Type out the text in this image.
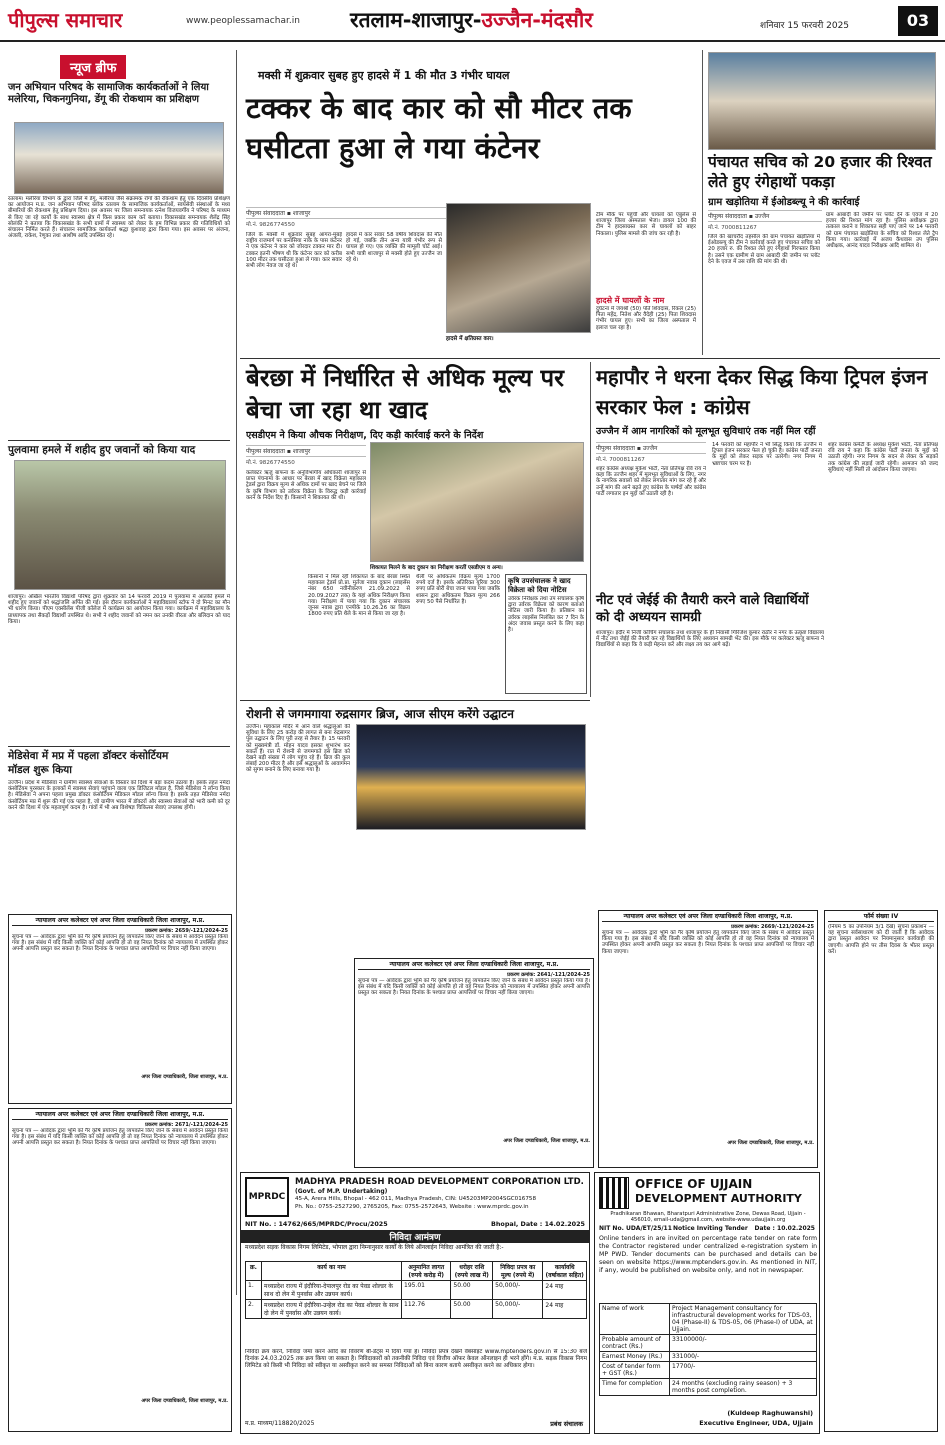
पीपुल्स समाचार	www.peoplessamachar.in रतलाम-शाजापुर-उज्जैन-मंदसौर	शनिवार 15 फरवरी 2025	03
न्यूज ब्रीफ
जन अभियान परिषद के सामाजिक कार्यकर्ताओं ने लिया मलेरिया, चिकनगुनिया, डेंगू की रोकथाम का प्रशिक्षण
रतलाम। मलेरिया विभाग के द्वारा जिले में डेंगू, मलेरिया जैसे संक्रामक रोगों की रोकथाम हेतु एक दिवसीय प्रशिक्षण का आयोजन म.प्र. जन अभियान परिषद ब्लॉक रतलाम के सामाजिक कार्यकर्ताओं, स्वयंसेवी संस्थाओं के मध्य बीमारियों की रोकथाम हेतु प्रशिक्षण दिया। इस अवसर पर जिला समन्वयक रत्नेश विजयवर्गीय ने परिषद के माध्यम से किए जा रहे कार्यों के साथ स्वास्थ्य क्षेत्र में किस प्रकार काम करें बताया। विकासखंड समन्वयक शैलेंद्र सिंह सोलंकी ने बताया कि विकासखंड के सभी ग्रामों में स्वास्थ्य को लेकर के हम विभिन्न प्रकार की गतिविधियों को संचालन निर्मित करते हैं। संचालन सामाजिक कार्यकर्ता श्रद्धा कुशवाह द्वारा किया गया। इस अवसर पर अंजना, अंजली, राकेश, रेणुका तथा आशीष आदि उपस्थित रहे।
पुलवामा हमले में शहीद हुए जवानों को किया याद
शाजापुर। अखिल भारतीय विद्यार्थी परिषद द्वारा शुक्रवार को 14 फरवरी 2019 में पुलवामा में आतंकी हमले में शहीद हुए जवानों को श्रद्धांजलि अर्पित की गई। इस दौरान कार्यकर्ताओं ने महाविद्यालय स्टॉफ ने दो मिनट का मौन भी धारण किया। पीएम एक्सीलेंस पीजी कॉलेज में कार्यक्रम का आयोजन किया गया। कार्यक्रम में महाविद्यालय के प्राध्यापक तथा सैकड़ों विद्यार्थी उपस्थित थे। सभी ने शहीद जवानों को नमन कर उनकी वीरता और बलिदान को याद किया।
मेडिसेवा में मप्र में पहला डॉक्टर कंसोर्टियम
मॉडल शुरू किया
उज्जैन। प्रदेश में मेडिसेवा ने ग्रामीण स्वास्थ्य सेवाओं के विस्तार को दिशा में बड़ा कदम उठाया है। इसके तहत नर्मदा कंसोर्टियम पुरस्कार के इलाकों में स्वास्थ्य सेवाएं पहुंचाने वाला एक डिजिटल मॉडल है, जिसे मेडिसेवा ने लॉन्च किया है। मेडिसेवा ने अपना पहला प्रमुख डॉक्टर कंसोर्टियम मेडिकल मॉडल लॉन्च किया है। इसके तहत मेडिसेवा नर्मदा कंसोर्टियम मप्र में शुरू की गई एक पहल है, जो ग्रामीण भारत में डॉक्टरों और स्वास्थ्य सेवाओं को भारी कमी को दूर करने की दिशा में एक महत्वपूर्ण कदम है। गांवों में भी अब विशेषज्ञ चिकित्सा सेवाएं उपलब्ध होंगी।
मक्सी में शुक्रवार सुबह हुए हादसे में 1 की मौत 3 गंभीर घायल
टक्कर के बाद कार को सौ मीटर तक घसीटता हुआ ले गया कंटेनर
पीपुल्स संवाददाता ▪ शाजापुर
मो.नं. 9826774550
हादसे में क्षतिग्रस्त कार।
जिले के मक्सी में शुक्रवार सुबह आगरा-मुंबई राष्ट्रीय राजमार्ग पर कनासिया नाके के पास कंटेनर ने एक कंटेनर ने कार को जोरदार टक्कर मार दी। टक्कर इतनी भीषण थी कि कंटेनर कार को करीब 100 मीटर तक घसीटता हुआ ले गया। कार सवार सभी लोग नेवज जा रहे थे।
हादसे में कार सवार 58 वर्षीय शिवदास की मौत हो गई, जबकि तीन अन्य यात्री गंभीर रूप से घायल हो गए। एक व्यक्ति की मामूली चोटें आई। सभी यात्री शाजापुर से मक्सी होते हुए उज्जैन जा रहे थे।
टीम मौके पर पहुंची और घायलों को एंबुलेंस से शाजापुर जिला अस्पताल भेजा। डायल 100 की टीम ने हादसाग्रस्त कार से घायलों को बाहर निकाला। पुलिस मामले की जांच कर रही है।
हादसे में घायलों के नाम
दुर्घटना में जयश्री (50) पति शिवदास, रिंकल (25) पिता महेंद्र, नितेश और वैदेही (25) पिता शिवदास गंभीर घायल हुए। सभी का जिला अस्पताल में इलाज चल रहा है।
पंचायत सचिव को 20 हजार की रिश्वत लेते हुए रंगेहाथों पकड़ा
ग्राम खड़ोतिया में ईओडब्ल्यू ने की कार्रवाई
पीपुल्स संवाददाता ▪ उज्जैन
मो.नं. 7000811267
जिले की खाचरौद तहसील की ग्राम पंचायत खड़ोतिया में ईओडब्ल्यू की टीम ने कार्रवाई करते हुए पंचायत सचिव को 20 हजार रु. की रिश्वत लेते हुए रंगेहाथों गिरफ्तार किया है। उसने एक ग्रामीण से ग्राम आबादी की जमीन पर प्लॉट देने के एवज में उस राशि की मांग की थी।
ग्राम आबादी की जमीन पर प्लॉट देने के एवज में 20 हजार की रिश्वत मांग रहा है। पुलिस अधीक्षक द्वारा तत्काल कराने व शिकायत सही पाए जाने पर 14 फरवरी को ग्राम पंचायत खड़ोतिया के सचिव को रिश्वत लेते ट्रैप किया गया। कार्रवाई में अजय कैथवास उप पुलिस अधीक्षक, आनंद यादव निरीक्षक आदि शामिल थे।
बेरछा में निर्धारित से अधिक मूल्य पर बेचा जा रहा था खाद
एसडीएम ने किया औचक निरीक्षण, दिए कड़ी कार्रवाई करने के निर्देश
पीपुल्स संवाददाता ▪ शाजापुर
मो.नं. 9826774550
शिकायत मिलने के बाद दुकान का निरीक्षण करतीं एसडीएम व अन्य।
कलेक्टर ऋजु बाफना के अनुविभागीय अधिकारी शाजापुर से प्राप्त पंचनामा के आधार पर बेरछा में खाद विक्रेता महाकाल ट्रेडर्स द्वारा विक्रय मूल्य से अधिक दामों पर खाद बेचने पर जिले के कृषि विभाग को उर्वरक विक्रेता के विरुद्ध कड़ी कार्रवाई करने के निर्देश दिए हैं। किसानों ने शिकायत की थी।
किसानों ने मिल रही शिकायत के बाद बेरछा स्थित महाकाल ट्रेडर्स प्रो.प्रा. मुर्तजा नवाब दुकान (लाइसेंस नंबर 650 नवीनीकरण 21.09.2022 से 20.09.2027 तक) के यहां अधिक निरीक्षण किया गया। निरीक्षण में पाया गया कि दुकान संचालक जूनस नवाब द्वारा एनपीके 10.26.26 का विक्रय 1800 रुपए प्रति थैले के मान से किया जा रहा है।
थैली पर अधिकतम विक्रय मूल्य 1700 रुपये दर्ज है। इसके अतिरिक्त यूरिया 300 रुपए प्रति बोरी बेचा जाना पाया गया जबकि शासन द्वारा अधिकतम विक्रय मूल्य 266 रुपए 50 पैसे निर्धारित है।
कृषि उपसंचालक ने खाद विक्रेता को दिया नोटिस
उर्वरक निरीक्षक तथा उप संचालक कृषि द्वारा उर्वरक विक्रेता को कारण बताओ नोटिस जारी किया है। प्रतिष्ठान का उर्वरक लाइसेंस निलंबित कर 7 दिन के अंदर जवाब प्रस्तुत करने के लिए कहा है।
महापौर ने धरना देकर सिद्ध किया ट्रिपल इंजन सरकार फेल : कांग्रेस
उज्जैन में आम नागरिकों को मूलभूत सुविधाएं तक नहीं मिल रहीं
पीपुल्स संवाददाता ▪ उज्जैन
मो.नं. 7000811267
शहर कांग्रेस अध्यक्ष मुकेश भाटी, नेता प्रतिपक्ष रवि राय ने कहा कि उज्जैन शहर में मूलभूत सुविधाओं के लिए, नगर के नागरिक सवालों को लेकर लगातार मांग कर रहे हैं और उन्हें मांग की आने बढ़ते हुए कांग्रेस के पार्षदों और कांग्रेस पार्टी लगातार इन मुद्दों को उठाती रही है।
14 फरवरी को महापौर ने भी सिद्ध किया कि उज्जैन में ट्रिपल इंजन सरकार फेल हो चुकी है। कांग्रेस पार्टी जनता के मुद्दों को लेकर सड़क पर उतरेगी। नगर निगम में भ्रष्टाचार चरम पर है।
शहर कांग्रेस कमेटी के अध्यक्ष मुकेश भाटी, नेता प्रतिपक्ष रवि राय ने कहा कि कांग्रेस पार्टी जनता के मुद्दों को उठाती रहेगी। नगर निगम के सदन से लेकर के सड़कों तक कांग्रेस की लड़ाई जारी रहेगी। आमजन को जल्द सुविधाएं नहीं मिलीं तो आंदोलन किया जाएगा।
नीट एवं जेईई की तैयारी करने वाले विद्यार्थियों को दी अध्ययन सामग्री
शाजापुर। इंदौर में निजी कोचिंग संचालक तथा शाजापुर के ही निवासी गिरिजेश कुमार राठौर ने नगर के उत्कृष्ट विद्यालय में नीट तथा जेईई की तैयारी कर रहे विद्यार्थियों के लिए अध्ययन सामग्री भेंट की। इस मौके पर कलेक्टर ऋजु बाफना ने विद्यार्थियों से कहा कि वे कड़ी मेहनत करें और लक्ष्य तय कर आगे बढ़ें।
रोशनी से जगमगाया रुद्रसागर ब्रिज, आज सीएम करेंगे उद्घाटन
उज्जैन। महाकाल मंदिर में आने वाले श्रद्धालुओं की सुविधा के लिए 25 करोड़ की लागत से बना रुद्रसागर पुल उद्घाटन के लिए पूरी तरह से तैयार है। 15 फरवरी को मुख्यमंत्री डॉ. मोहन यादव इसका शुभारंभ कर सकते हैं। रात में रोशनी से जगमगाते इस ब्रिज को देखने बड़ी संख्या में लोग पहुंच रहे हैं। ब्रिज की कुल लंबाई 200 मीटर है और इसे श्रद्धालुओं के आवागमन को सुगम बनाने के लिए बनाया गया है।
न्यायालय अपर कलेक्टर एवं अपर जिला दण्डाधिकारी जिला शाजापुर, म.प्र.
प्रकरण क्रमांक: 2659/-121/2024-25
सूचना पत्र — आवेदक द्वारा भूमि को गैर कृषि प्रयोजन हेतु व्यपवर्तन किए जाने के संबंध में आवेदन प्रस्तुत किया गया है। इस संबंध में यदि किसी व्यक्ति को कोई आपत्ति हो तो वह नियत दिनांक को न्यायालय में उपस्थित होकर अपनी आपत्ति प्रस्तुत कर सकता है। नियत दिनांक के पश्चात प्राप्त आपत्तियों पर विचार नहीं किया जाएगा।
अपर जिला दण्डाधिकारी, जिला शाजापुर, म.प्र.
न्यायालय अपर कलेक्टर एवं अपर जिला दण्डाधिकारी जिला शाजापुर, म.प्र.
प्रकरण क्रमांक: 2671/-121/2024-25
सूचना पत्र — आवेदक द्वारा भूमि को गैर कृषि प्रयोजन हेतु व्यपवर्तन किए जाने के संबंध में आवेदन प्रस्तुत किया गया है। इस संबंध में यदि किसी व्यक्ति को कोई आपत्ति हो तो वह नियत दिनांक को न्यायालय में उपस्थित होकर अपनी आपत्ति प्रस्तुत कर सकता है। नियत दिनांक के पश्चात प्राप्त आपत्तियों पर विचार नहीं किया जाएगा।
अपर जिला दण्डाधिकारी, जिला शाजापुर, म.प्र.
न्यायालय अपर कलेक्टर एवं अपर जिला दण्डाधिकारी जिला शाजापुर, म.प्र.
प्रकरण क्रमांक: 2641/-121/2024-25
सूचना पत्र — आवेदक द्वारा भूमि को गैर कृषि प्रयोजन हेतु व्यपवर्तन किए जाने के संबंध में आवेदन प्रस्तुत किया गया है। इस संबंध में यदि किसी व्यक्ति को कोई आपत्ति हो तो वह नियत दिनांक को न्यायालय में उपस्थित होकर अपनी आपत्ति प्रस्तुत कर सकता है। नियत दिनांक के पश्चात प्राप्त आपत्तियों पर विचार नहीं किया जाएगा।
अपर जिला दण्डाधिकारी, जिला शाजापुर, म.प्र.
न्यायालय अपर कलेक्टर एवं अपर जिला दण्डाधिकारी जिला शाजापुर, म.प्र.
प्रकरण क्रमांक: 2669/-121/2024-25
सूचना पत्र — आवेदक द्वारा भूमि को गैर कृषि प्रयोजन हेतु व्यपवर्तन किए जाने के संबंध में आवेदन प्रस्तुत किया गया है। इस संबंध में यदि किसी व्यक्ति को कोई आपत्ति हो तो वह नियत दिनांक को न्यायालय में उपस्थित होकर अपनी आपत्ति प्रस्तुत कर सकता है। नियत दिनांक के पश्चात प्राप्त आपत्तियों पर विचार नहीं किया जाएगा।
अपर जिला दण्डाधिकारी, जिला शाजापुर, म.प्र.
फॉर्म संख्या IV
(नियम 5 का उपनियम 3/1 देखें) सूचना प्रकाशन — यह सूचना सर्वसाधारण को दी जाती है कि आवेदक द्वारा प्रस्तुत आवेदन पर नियमानुसार कार्यवाही की जाएगी। आपत्ति होने पर तीस दिवस के भीतर प्रस्तुत करें।
MPRDC
MADHYA PRADESH ROAD DEVELOPMENT CORPORATION LTD.
(Govt. of M.P. Undertaking)
45-A, Arera Hills, Bhopal - 462 011, Madhya Pradesh, CIN: U45203MP2004SGC016758
Ph. No.: 0755-2527290, 2765205, Fax: 0755-2572643, Website : www.mprdc.gov.in
NIT No. : 14762/665/MPRDC/Procu/2025	Bhopal, Date : 14.02.2025
निविदा आमंत्रण
मध्यप्रदेश सड़क विकास निगम लिमिटेड, भोपाल द्वारा निम्नानुसार कार्यों के लिये ऑनलाईन निविदा आमंत्रित की जाती है:-
क्र.	कार्य का नाम	अनुमानित लागत (रुपये करोड़ में)	धरोहर राशि (रुपये लाख में)	निविदा प्रपत्र का मूल्य (रुपये में)	कार्यावधि (वर्षाकाल सहित)
1.	मध्यप्रदेश राज्य में इंदौरिया-देपालपुर रोड का पेवड शोल्डर के साथ दो लेन में पुनर्वास और उन्नयन कार्य।	195.01	50.00	50,000/-	24 माह
2.	मध्यप्रदेश राज्य में इंदौरिया-उन्हेल रोड का पेवड शोल्डर के साथ दो लेन में पुनर्वास और उन्नयन कार्य।	112.76	50.00	50,000/-	24 माह
निविदा क्रय करने, निविदा जमा करने आदि का विवरण बी-डेट्स में दिया गया है। निविदा प्रपत्र देखने वेबसाइट www.mptenders.gov.in से 15:30 बजे दिनांक 24.03.2025 तक क्रय किया जा सकता है। निविदाकारों को तकनीकी निविदा एवं वित्तीय ऑफर केवल ऑनलाइन ही भरने होंगे। म.प्र. सड़क विकास निगम लिमिटेड को किसी भी निविदा को स्वीकृत या अस्वीकृत करने का समस्त निविदाओं को बिना कारण बताये अस्वीकृत करने का अधिकार होगा।
म.प्र. माध्यम/118820/2025	प्रबंध संचालक
OFFICE OF UJJAIN
DEVELOPMENT AUTHORITY
Pradhikaran Bhawan, Bharatpuri Administrative Zone, Dewas Road, Ujjain - 456010, email-uda@gmail.com, website-www.udaujjain.org
NIT No. UDA/ET/25/11 Notice Inviting Tender Date : 10.02.2025
Online tenders in are invited on percentage rate tender on rate form the Contractor registered under centralized e-registration system in MP PWD. Tender documents can be purchased and details can be seen on website https://www.mptenders.gov.in. As mentioned in NIT, if any, would be published on website only, and not in newspaper.
Name of work	Project Management consultancy for infrastructural development works for TDS-03, 04 (Phase-II) & TDS-05, 06 (Phase-I) of UDA, at Ujjain.
Probable amount of contract (Rs.)	33100000/-
Earnest Money (Rs.)	331000/-
Cost of tender form + GST (Rs.)	17700/-
Time for completion	24 months (excluding rainy season) + 3 months post completion.
(Kuldeep Raghuwanshi)
Executive Engineer, UDA, Ujjain
